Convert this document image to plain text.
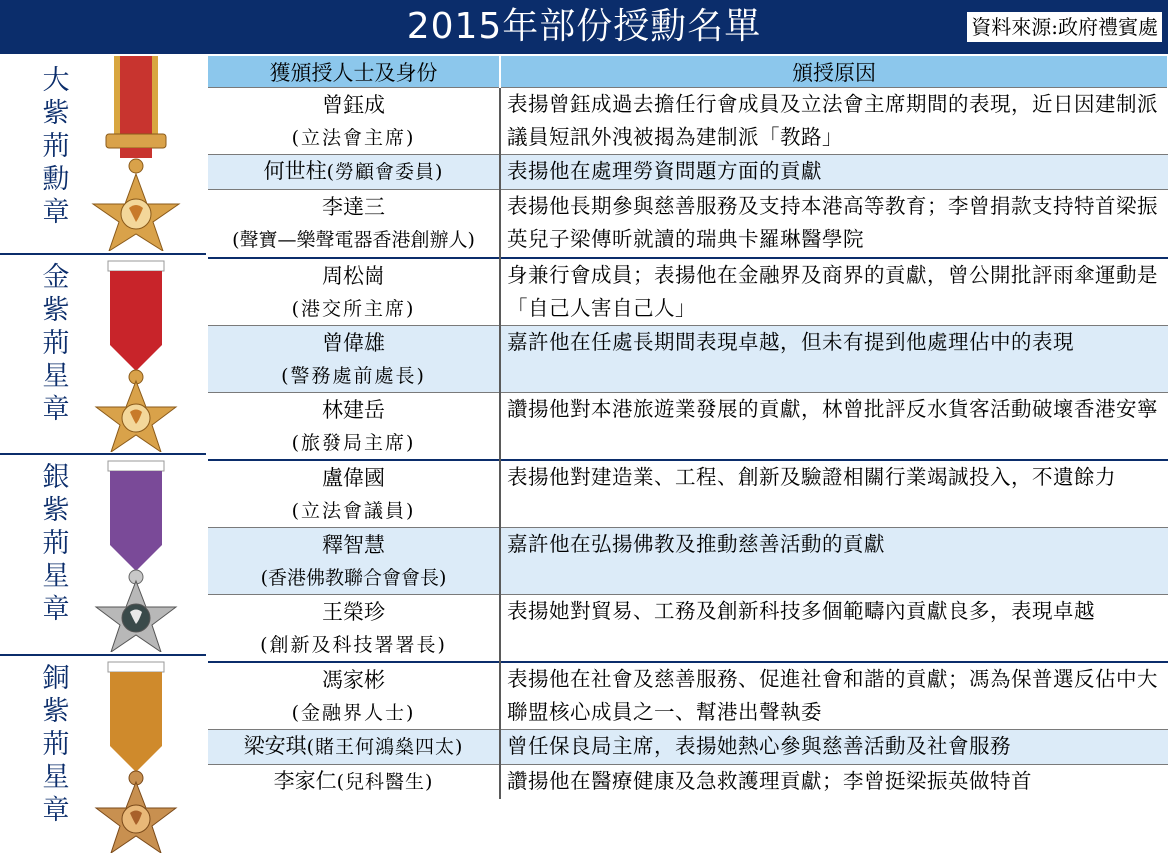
2015年部份授勳名單	資料來源:政府禮賓處
大
紫
荊
勳
章
金
紫
荊
星
章
銀
紫
荊
星
章
銅
紫
荊
星
章
獲頒授人士及身份	頒授原因

曾鈺成
(立法會主席)	表揚曾鈺成過去擔任行會成員及立法會主席期間的表現，近日因建制派議員短訊外洩被揭為建制派「教路」
何世柱(勞顧會委員)	表揚他在處理勞資問題方面的貢獻

李達三
(聲寶—樂聲電器香港創辦人)	表揚他長期參與慈善服務及支持本港高等教育；李曾捐款支持特首梁振英兒子梁傳昕就讀的瑞典卡羅琳醫學院

周松崗
(港交所主席)	身兼行會成員；表揚他在金融界及商界的貢獻，曾公開批評雨傘運動是「自己人害自己人」

曾偉雄
(警務處前處長)	嘉許他在任處長期間表現卓越，但未有提到他處理佔中的表現

林建岳
(旅發局主席)	讚揚他對本港旅遊業發展的貢獻，林曾批評反水貨客活動破壞香港安寧

盧偉國
(立法會議員)	表揚他對建造業、工程、創新及驗證相關行業竭誠投入，不遺餘力

釋智慧
(香港佛教聯合會會長)	嘉許他在弘揚佛教及推動慈善活動的貢獻

王榮珍
(創新及科技署署長)	表揚她對貿易、工務及創新科技多個範疇內貢獻良多，表現卓越

馮家彬
(金融界人士)	表揚他在社會及慈善服務、促進社會和諧的貢獻；馮為保普選反佔中大聯盟核心成員之一、幫港出聲執委
梁安琪(賭王何鴻燊四太)	曾任保良局主席，表揚她熱心參與慈善活動及社會服務
李家仁(兒科醫生)	讚揚他在醫療健康及急救護理貢獻；李曾挺梁振英做特首
